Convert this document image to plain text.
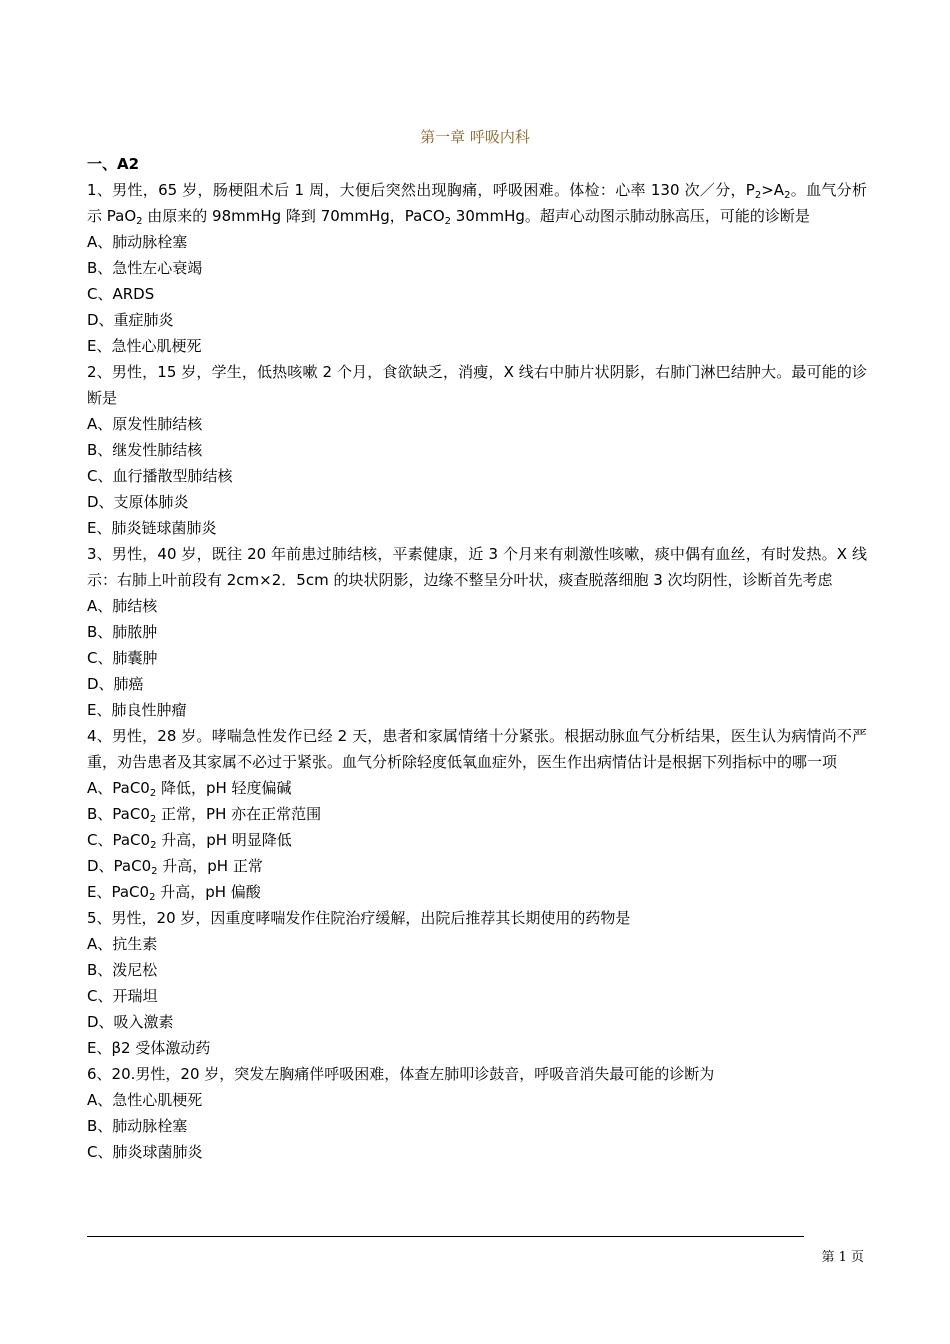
第一章 呼吸内科
一、A2
1、男性，65 岁，肠梗阻术后 1 周，大便后突然出现胸痛，呼吸困难。体检：心率 130 次／分，$P_2>A_2$。血气分析示 PaO$_2$ 由原来的 98mmHg 降到 70mmHg，PaCO$_2$ 30mmHg。超声心动图示肺动脉高压，可能的诊断是
A、肺动脉栓塞
B、急性左心衰竭
C、ARDS
D、重症肺炎
E、急性心肌梗死
2、男性，15 岁，学生，低热咳嗽 2 个月，食欲缺乏，消瘦，X 线右中肺片状阴影，右肺门淋巴结肿大。最可能的诊断是
A、原发性肺结核
B、继发性肺结核
C、血行播散型肺结核
D、支原体肺炎
E、肺炎链球菌肺炎
3、男性，40 岁，既往 20 年前患过肺结核，平素健康，近 3 个月来有刺激性咳嗽，痰中偶有血丝，有时发热。X 线示：右肺上叶前段有 2cm×2．5cm 的块状阴影，边缘不整呈分叶状，痰查脱落细胞 3 次均阴性，诊断首先考虑
A、肺结核
B、肺脓肿
C、肺囊肿
D、肺癌
E、肺良性肿瘤
4、男性，28 岁。哮喘急性发作已经 2 天，患者和家属情绪十分紧张。根据动脉血气分析结果，医生认为病情尚不严重，劝告患者及其家属不必过于紧张。血气分析除轻度低氧血症外，医生作出病情估计是根据下列指标中的哪一项
A、$PaC0_2$ 降低，pH 轻度偏碱
B、$PaC0_2$ 正常，PH 亦在正常范围
C、$PaC0_2$ 升高，pH 明显降低
D、$PaC0_2$ 升高，pH 正常
E、$PaC0_2$ 升高，pH 偏酸
5、男性，20 岁，因重度哮喘发作住院治疗缓解，出院后推荐其长期使用的药物是
A、抗生素
B、泼尼松
C、开瑞坦
D、吸入激素
E、β2 受体激动药
6、20.男性，20 岁，突发左胸痛伴呼吸困难，体查左肺叩诊鼓音，呼吸音消失最可能的诊断为
A、急性心肌梗死
B、肺动脉栓塞
C、肺炎球菌肺炎
第 1 页
